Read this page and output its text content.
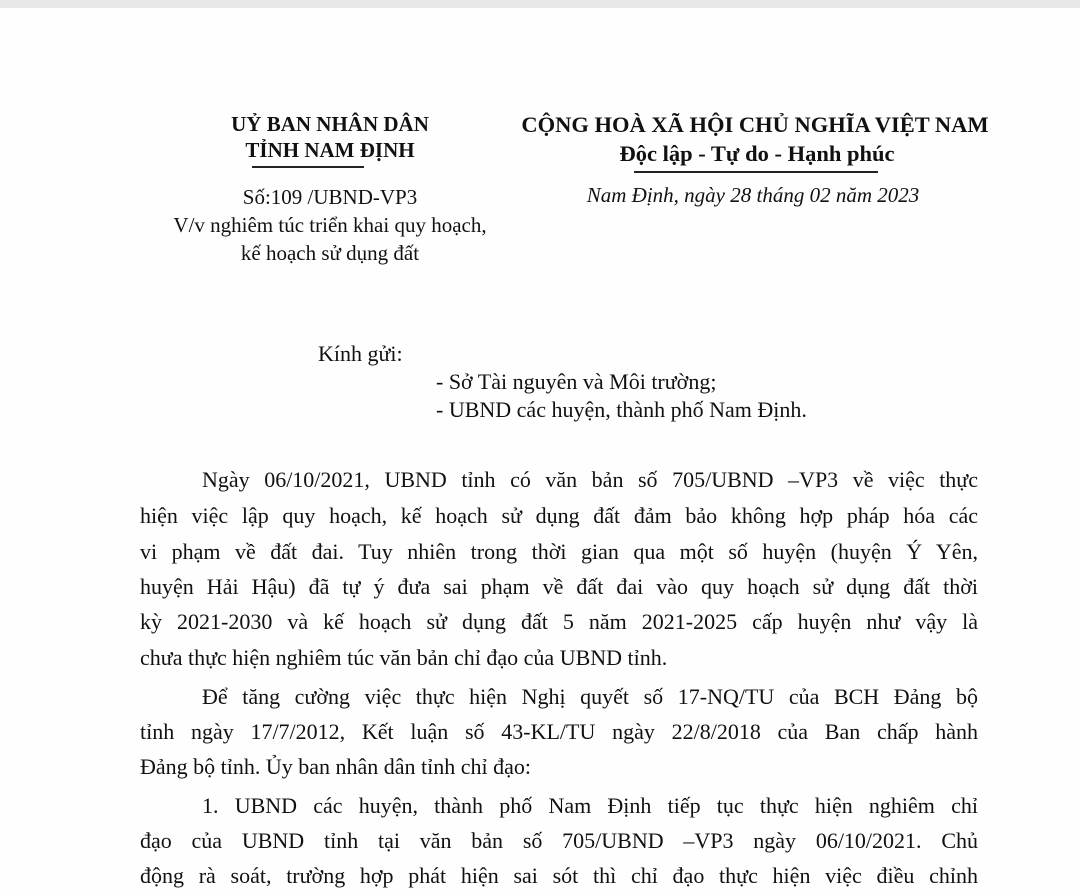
UỶ BAN NHÂN DÂN
TỈNH NAM ĐỊNH
Số:109 /UBND-VP3
V/v nghiêm túc triển khai quy hoạch,
kế hoạch sử dụng đất
CỘNG HOÀ XÃ HỘI CHỦ NGHĨA VIỆT NAM
Độc lập - Tự do - Hạnh phúc
Nam Định, ngày 28 tháng 02 năm 2023
Kính gửi:
- Sở Tài nguyên và Môi trường;
- UBND các huyện, thành phố Nam Định.
Ngày 06/10/2021, UBND tỉnh có văn bản số 705/UBND –VP3 về việc thực
hiện việc lập quy hoạch, kế hoạch sử dụng đất đảm bảo không hợp pháp hóa các
vi phạm về đất đai. Tuy nhiên trong thời gian qua một số huyện (huyện Ý Yên,
huyện Hải Hậu) đã tự ý đưa sai phạm về đất đai vào quy hoạch sử dụng đất thời
kỳ 2021-2030 và kế hoạch sử dụng đất 5 năm 2021-2025 cấp huyện như vậy là
chưa thực hiện nghiêm túc văn bản chỉ đạo của UBND tỉnh.
Để tăng cường việc thực hiện Nghị quyết số 17-NQ/TU của BCH Đảng bộ
tỉnh ngày 17/7/2012, Kết luận số 43-KL/TU ngày 22/8/2018 của Ban chấp hành
Đảng bộ tỉnh. Ủy ban nhân dân tỉnh chỉ đạo:
1. UBND các huyện, thành phố Nam Định tiếp tục thực hiện nghiêm chỉ
đạo của UBND tỉnh tại văn bản số 705/UBND –VP3 ngày 06/10/2021. Chủ
động rà soát, trường hợp phát hiện sai sót thì chỉ đạo thực hiện việc điều chỉnh
